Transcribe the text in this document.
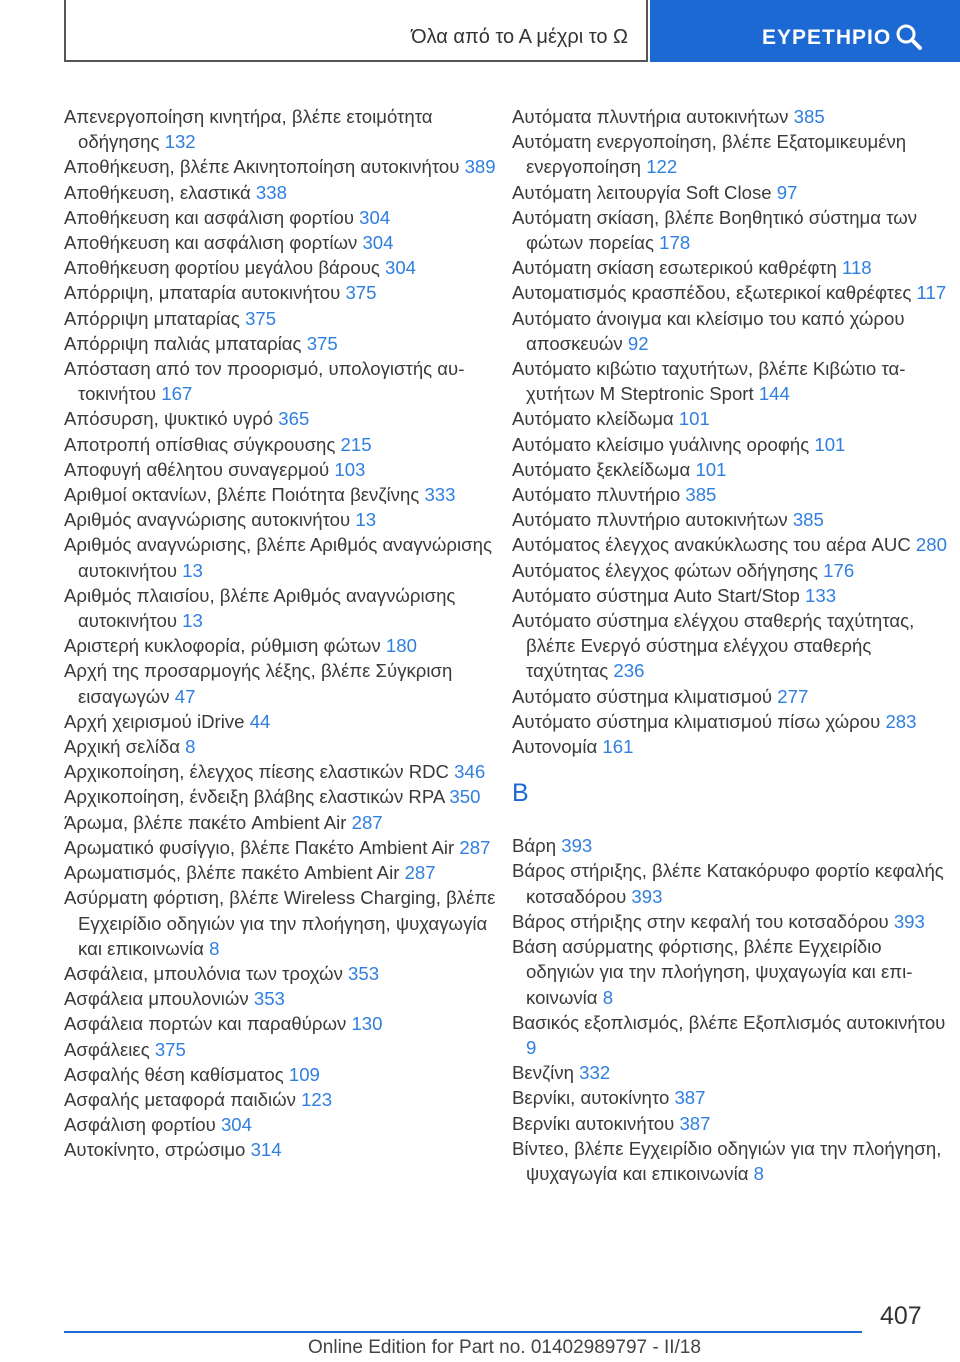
Όλα από το Α μέχρι το Ω	ΕΥΡΕΤΗΡΙΟ
Απενεργοποίηση κινητήρα, βλέπε ετοιμότητα οδήγησης 132
Αποθήκευση, βλέπε Ακινητοποίηση αυτοκινήτου 389
Αποθήκευση, ελαστικά 338
Αποθήκευση και ασφάλιση φορτίου 304
Αποθήκευση και ασφάλιση φορτίων 304
Αποθήκευση φορτίου μεγάλου βάρους 304
Απόρριψη, μπαταρία αυτοκινήτου 375
Απόρριψη μπαταρίας 375
Απόρριψη παλιάς μπαταρίας 375
Απόσταση από τον προορισμό, υπολογιστής αυτοκινήτου 167
Απόσυρση, ψυκτικό υγρό 365
Αποτροπή οπίσθιας σύγκρουσης 215
Αποφυγή αθέλητου συναγερμού 103
Αριθμοί οκτανίων, βλέπε Ποιότητα βενζίνης 333
Αριθμός αναγνώρισης αυτοκινήτου 13
Αριθμός αναγνώρισης, βλέπε Αριθμός αναγνώρισης αυτοκινήτου 13
Αριθμός πλαισίου, βλέπε Αριθμός αναγνώρισης αυτοκινήτου 13
Αριστερή κυκλοφορία, ρύθμιση φώτων 180
Αρχή της προσαρμογής λέξης, βλέπε Σύγκριση εισαγωγών 47
Αρχή χειρισμού iDrive 44
Αρχική σελίδα 8
Αρχικοποίηση, έλεγχος πίεσης ελαστικών RDC 346
Αρχικοποίηση, ένδειξη βλάβης ελαστικών RPA 350
Άρωμα, βλέπε πακέτο Ambient Air 287
Αρωματικό φυσίγγιο, βλέπε Πακέτο Ambient Air 287
Αρωματισμός, βλέπε πακέτο Ambient Air 287
Ασύρματη φόρτιση, βλέπε Wireless Charging, βλέπε Εγχειρίδιο οδηγιών για την πλοήγηση, ψυχαγωγία και επικοινωνία 8
Ασφάλεια, μπουλόνια των τροχών 353
Ασφάλεια μπουλονιών 353
Ασφάλεια πορτών και παραθύρων 130
Ασφάλειες 375
Ασφαλής θέση καθίσματος 109
Ασφαλής μεταφορά παιδιών 123
Ασφάλιση φορτίου 304
Αυτοκίνητο, στρώσιμο 314
Αυτόματα πλυντήρια αυτοκινήτων 385
Αυτόματη ενεργοποίηση, βλέπε Εξατομικευμένη ενεργοποίηση 122
Αυτόματη λειτουργία Soft Close 97
Αυτόματη σκίαση, βλέπε Βοηθητικό σύστημα των φώτων πορείας 178
Αυτόματη σκίαση εσωτερικού καθρέφτη 118
Αυτοματισμός κρασπέδου, εξωτερικοί καθρέφτες 117
Αυτόματο άνοιγμα και κλείσιμο του καπό χώρου αποσκευών 92
Αυτόματο κιβώτιο ταχυτήτων, βλέπε Κιβώτιο ταχυτήτων M Steptronic Sport 144
Αυτόματο κλείδωμα 101
Αυτόματο κλείσιμο γυάλινης οροφής 101
Αυτόματο ξεκλείδωμα 101
Αυτόματο πλυντήριο 385
Αυτόματο πλυντήριο αυτοκινήτων 385
Αυτόματος έλεγχος ανακύκλωσης του αέρα AUC 280
Αυτόματος έλεγχος φώτων οδήγησης 176
Αυτόματο σύστημα Auto Start/Stop 133
Αυτόματο σύστημα ελέγχου σταθερής ταχύτητας, βλέπε Ενεργό σύστημα ελέγχου σταθερής ταχύτητας 236
Αυτόματο σύστημα κλιματισμού 277
Αυτόματο σύστημα κλιματισμού πίσω χώρου 283
Αυτονομία 161
Β
Βάρη 393
Βάρος στήριξης, βλέπε Κατακόρυφο φορτίο κεφαλής κοτσαδόρου 393
Βάρος στήριξης στην κεφαλή του κοτσαδόρου 393
Βάση ασύρματης φόρτισης, βλέπε Εγχειρίδιο οδηγιών για την πλοήγηση, ψυχαγωγία και επικοινωνία 8
Βασικός εξοπλισμός, βλέπε Εξοπλισμός αυτοκινήτου 9
Βενζίνη 332
Βερνίκι, αυτοκίνητο 387
Βερνίκι αυτοκινήτου 387
Βίντεο, βλέπε Εγχειρίδιο οδηγιών για την πλοήγηση, ψυχαγωγία και επικοινωνία 8
407
Online Edition for Part no. 01402989797 - II/18
